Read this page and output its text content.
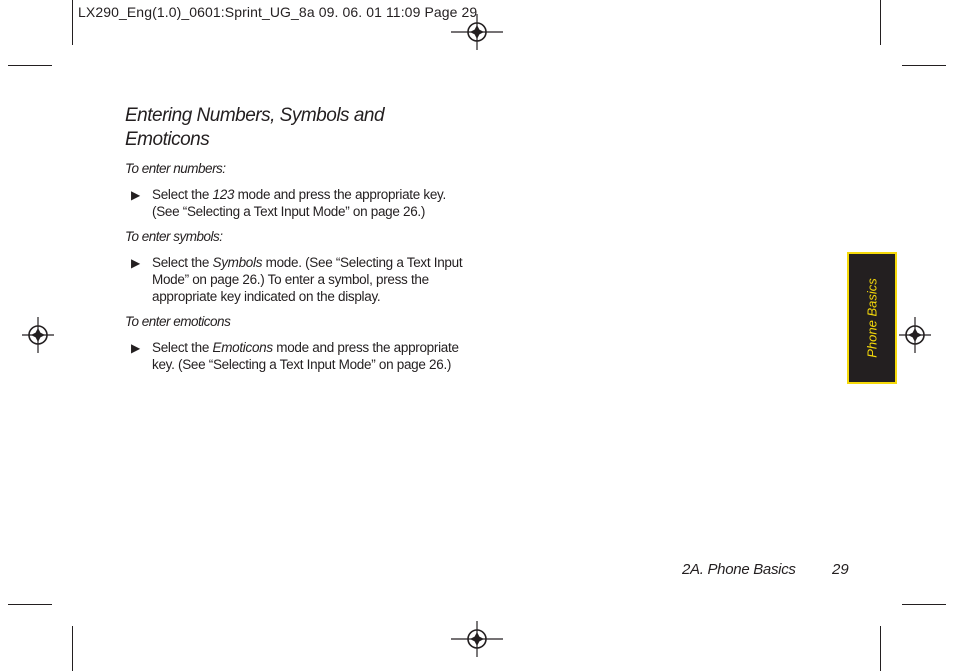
LX290_Eng(1.0)_0601:Sprint_UG_8a 09. 06. 01 11:09 Page 29
Entering Numbers, Symbols and Emoticons
To enter numbers:
▶ Select the 123 mode and press the appropriate key. (See “Selecting a Text Input Mode” on page 26.)
To enter symbols:
▶ Select the Symbols mode. (See “Selecting a Text Input Mode” on page 26.) To enter a symbol, press the appropriate key indicated on the display.
To enter emoticons
▶ Select the Emoticons mode and press the appropriate key. (See “Selecting a Text Input Mode” on page 26.)
Phone Basics
2A. Phone Basics 29
